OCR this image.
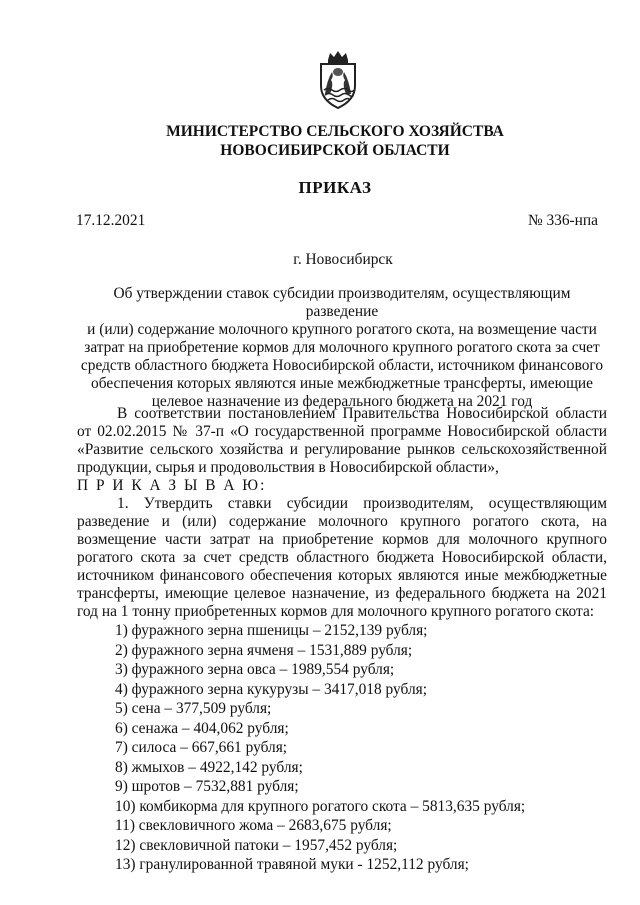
МИНИСТЕРСТВО СЕЛЬСКОГО ХОЗЯЙСТВА
НОВОСИБИРСКОЙ ОБЛАСТИ
ПРИКАЗ
17.12.2021	№ 336-нпа
г. Новосибирск
Об утверждении ставок субсидии производителям, осуществляющим разведение
и (или) содержание молочного крупного рогатого скота, на возмещение части
затрат на приобретение кормов для молочного крупного рогатого скота за счет
средств областного бюджета Новосибирской области, источником финансового
обеспечения которых являются иные межбюджетные трансферты, имеющие
целевое назначение из федерального бюджета на 2021 год

В соответствии постановлением Правительства Новосибирской области от 02.02.2015 № 37-п «О государственной программе Новосибирской области «Развитие сельского хозяйства и регулирование рынков сельскохозяйственной продукции, сырья и продовольствия в Новосибирской области»,

П Р И К А З Ы В А Ю:

1. Утвердить ставки субсидии производителям, осуществляющим разведение и (или) содержание молочного крупного рогатого скота, на возмещение части затрат на приобретение кормов для молочного крупного рогатого скота за счет средств областного бюджета Новосибирской области, источником финансового обеспечения которых являются иные межбюджетные трансферты, имеющие целевое назначение, из федерального бюджета на 2021 год на 1 тонну приобретенных кормов для молочного крупного рогатого скота:

1) фуражного зерна пшеницы – 2152,139 рубля;
2) фуражного зерна ячменя – 1531,889 рубля;
3) фуражного зерна овса – 1989,554 рубля;
4) фуражного зерна кукурузы – 3417,018 рубля;
5) сена – 377,509 рубля;
6) сенажа – 404,062 рубля;
7) силоса – 667,661 рубля;
8) жмыхов – 4922,142 рубля;
9) шротов – 7532,881 рубля;
10) комбикорма для крупного рогатого скота – 5813,635 рубля;
11) свекловичного жома – 2683,675 рубля;
12) свекловичной патоки – 1957,452 рубля;
13) гранулированной травяной муки - 1252,112 рубля;
